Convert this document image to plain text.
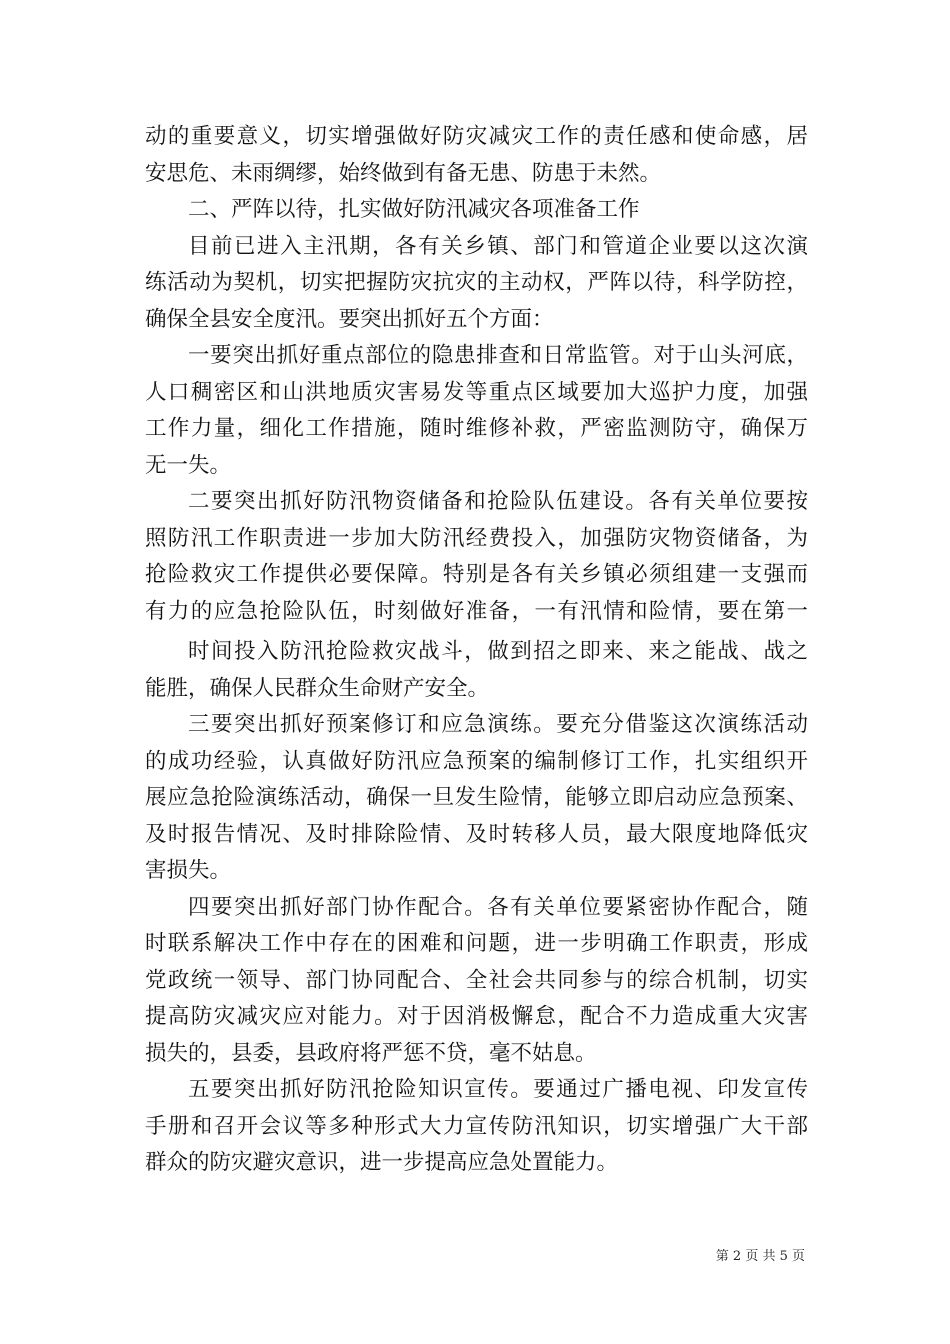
动的重要意义，切实增强做好防灾减灾工作的责任感和使命感，居
安思危、未雨绸缪，始终做到有备无患、防患于未然。
二、严阵以待，扎实做好防汛减灾各项准备工作
目前已进入主汛期，各有关乡镇、部门和管道企业要以这次演
练活动为契机，切实把握防灾抗灾的主动权，严阵以待，科学防控，
确保全县安全度汛。要突出抓好五个方面：
一要突出抓好重点部位的隐患排查和日常监管。对于山头河底，
人口稠密区和山洪地质灾害易发等重点区域要加大巡护力度，加强
工作力量，细化工作措施，随时维修补救，严密监测防守，确保万
无一失。
二要突出抓好防汛物资储备和抢险队伍建设。各有关单位要按
照防汛工作职责进一步加大防汛经费投入，加强防灾物资储备，为
抢险救灾工作提供必要保障。特别是各有关乡镇必须组建一支强而
有力的应急抢险队伍，时刻做好准备，一有汛情和险情，要在第一
时间投入防汛抢险救灾战斗，做到招之即来、来之能战、战之
能胜，确保人民群众生命财产安全。
三要突出抓好预案修订和应急演练。要充分借鉴这次演练活动
的成功经验，认真做好防汛应急预案的编制修订工作，扎实组织开
展应急抢险演练活动，确保一旦发生险情，能够立即启动应急预案、
及时报告情况、及时排除险情、及时转移人员，最大限度地降低灾
害损失。
四要突出抓好部门协作配合。各有关单位要紧密协作配合，随
时联系解决工作中存在的困难和问题，进一步明确工作职责，形成
党政统一领导、部门协同配合、全社会共同参与的综合机制，切实
提高防灾减灾应对能力。对于因消极懈怠，配合不力造成重大灾害
损失的，县委，县政府将严惩不贷，毫不姑息。
五要突出抓好防汛抢险知识宣传。要通过广播电视、印发宣传
手册和召开会议等多种形式大力宣传防汛知识，切实增强广大干部
群众的防灾避灾意识，进一步提高应急处置能力。
第 2 页 共 5 页
